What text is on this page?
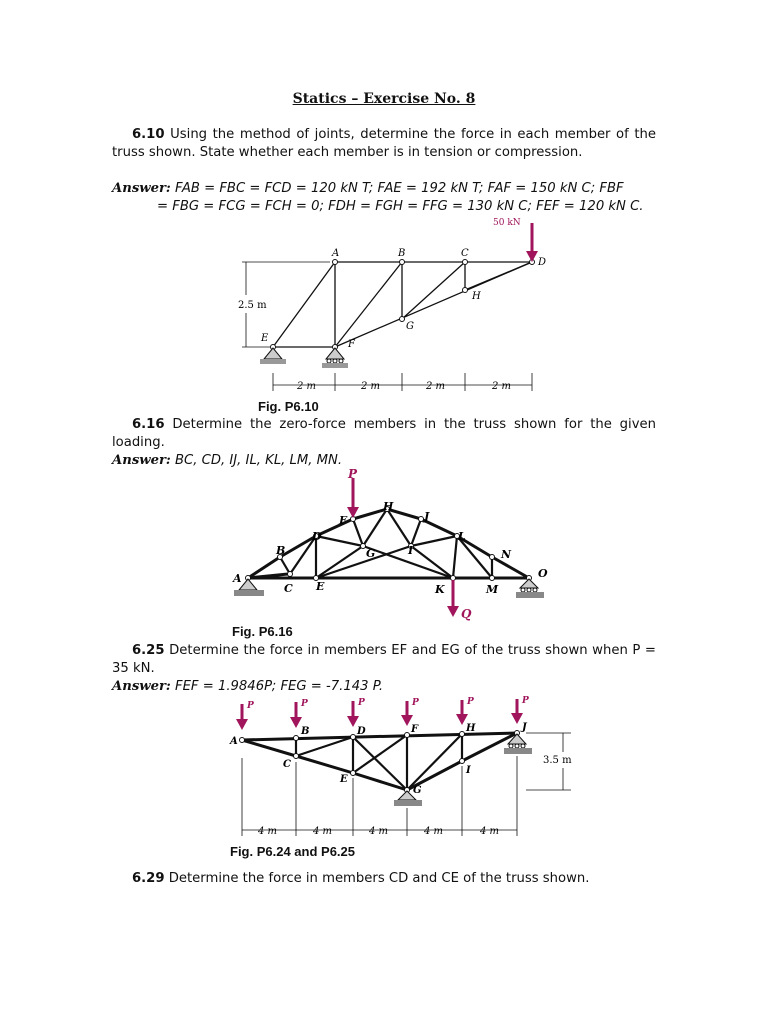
Statics – Exercise No. 8
6.10 Using the method of joints, determine the force in each member of the truss shown. State whether each member is in tension or compression.
Answer: FAB = FBC = FCD = 120 kN T; FAE = 192 kN T; FAF = 150 kN C; FBF
= FBG = FCG = FCH = 0; FDH = FGH = FFG = 130 kN C; FEF = 120 kN C.
50 kN
2.5 m
2 m	2 m	2 m	2 m
A	B	C
D
E
F
G
H
Fig. P6.10
6.16 Determine the zero-force members in the truss shown for the given loading.
Answer: BC, CD, IJ, IL, KL, LM, MN.
P
Q
A
B
C
D
E
F
G
H
I
J
K
L
M
N
O
Fig. P6.16
6.25 Determine the force in members EF and EG of the truss shown when P = 35 kN.
Answer: FEF = 1.9846P; FEG = -7.143 P.
P	P	P	P	P	P
3.5 m
4 m	4 m	4 m	4 m	4 m
A
B
C
D
E
F
G
H
I
J
Fig. P6.24 and P6.25
6.29 Determine the force in members CD and CE of the truss shown.
